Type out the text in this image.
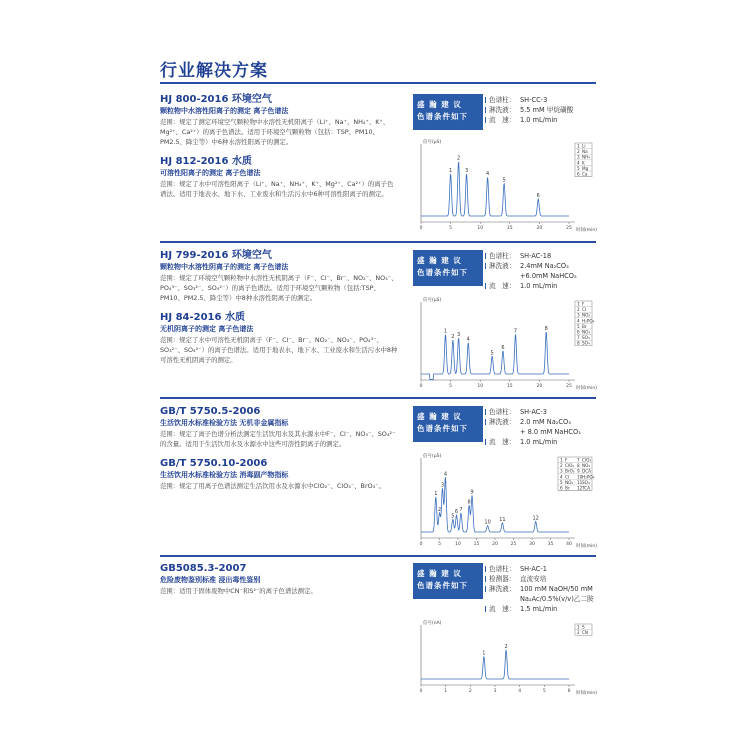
行业解决方案
HJ 800-2016 环境空气
颗粒物中水溶性阳离子的测定 离子色谱法
范围：规定了测定环境空气颗粒物中水溶性无机阳离子（Li⁺、Na⁺、NH₄⁺、K⁺、Mg²⁺、Ca²⁺）的离子色谱法。适用于环境空气颗粒物（包括：TSP、PM10、PM2.5、降尘等）中6种水溶性阳离子的测定。
HJ 812-2016 水质
可溶性阳离子的测定 离子色谱法
范围：规定了水中可溶性阳离子（Li⁺、Na⁺、NH₄⁺、K⁺、Mg²⁺、Ca²⁺）的离子色谱法。适用于地表水、地下水、工业废水和生活污水中6种可溶性阳离子的测定。
盛 瀚 建 议
色谱条件如下
色谱柱： SH-CC-3
淋洗液： 5.5 mM 甲烷磺酸
流　速： 1.0 mL/min
信号(μS)
时间(min)
0	5	10	15	20	25
1
2
3
4
5
6
1 Li
2 Na
3 NH₄
4 K
5 Mg
6 Ca
HJ 799-2016 环境空气
颗粒物中水溶性阴离子的测定 离子色谱法
范围：规定了环境空气颗粒物中水溶性无机阴离子（F⁻、Cl⁻、Br⁻、NO₂⁻、NO₃⁻、PO₄³⁻、SO₃²⁻、SO₄²⁻）的离子色谱法。适用于环境空气颗粒物（包括:TSP、PM10、PM2.5、降尘等）中8种水溶性阴离子的测定。
HJ 84-2016 水质
无机阴离子的测定 离子色谱法
范围：规定了水中可溶性无机阴离子（F⁻、Cl⁻、Br⁻、NO₂⁻、NO₃⁻、PO₄³⁻、SO₃²⁻、SO₄²⁻）的离子色谱法。适用于地表水、地下水、工业废水和生活污水中8种可溶性无机阴离子的测定。
盛 瀚 建 议
色谱条件如下
色谱柱： SH-AC-18
淋洗液： 2.4mM Na₂CO₃
+6.0mM NaHCO₃
流　速： 1.0 mL/min
信号(μS)
时间(min)
0	5	10	15	20	25
1
2 3
4
5
6
7	8
1 F
2 Cl
3 NO₂
4 H₂PO₄
5 Br
6 NO₃
7 SO₃
8 SO₄
GB/T 5750.5-2006
生活饮用水标准检验方法 无机非金属指标
范围：规定了离子色谱分析法测定生活饮用水及其水源水中F⁻、Cl⁻、NO₃⁻、SO₄²⁻的含量。适用于生活饮用水及水源水中这些可溶性阴离子的测定。
GB/T 5750.10-2006
生活饮用水标准检验方法 消毒副产物指标
范围：规定了用离子色谱法测定生活饮用水及水源水中ClO₂⁻、ClO₃⁻、BrO₃⁻。
盛 瀚 建 议
色谱条件如下
色谱柱： SH-AC-3
淋洗液： 2.0 mM Na₂CO₃
+ 8.0 mM NaHCO₃
流　速： 1.0 mL/min
信号(μS)
时间(min)
0	5	10	15	20	25	30	35	40
1
2
3
4
5
6 7
8
9
10 11	12
1 F
2 ClO₂
3 BrO₃
4 Cl
5 NO₂
6 Br
7 ClO₃
8 NO₃
9 DCA
10 H₂PO₄
11 SO₄
12 TCA
GB5085.3-2007
危险废物鉴别标准 浸出毒性鉴别
范围：适用于固体废物中CN⁻和S²⁻的离子色谱法测定。
盛 瀚 建 议
色谱条件如下
色谱柱： SH-AC-1
检测器： 直流安培
淋洗液： 100 mM NaOH/50 mM
Na₂Ac/0.5%(v/v)乙二胺
流　速： 1.5 mL/min
信号(nA)
时间(min)
0	1	2	3	4	5	6
1
2
1 S
2 CN
